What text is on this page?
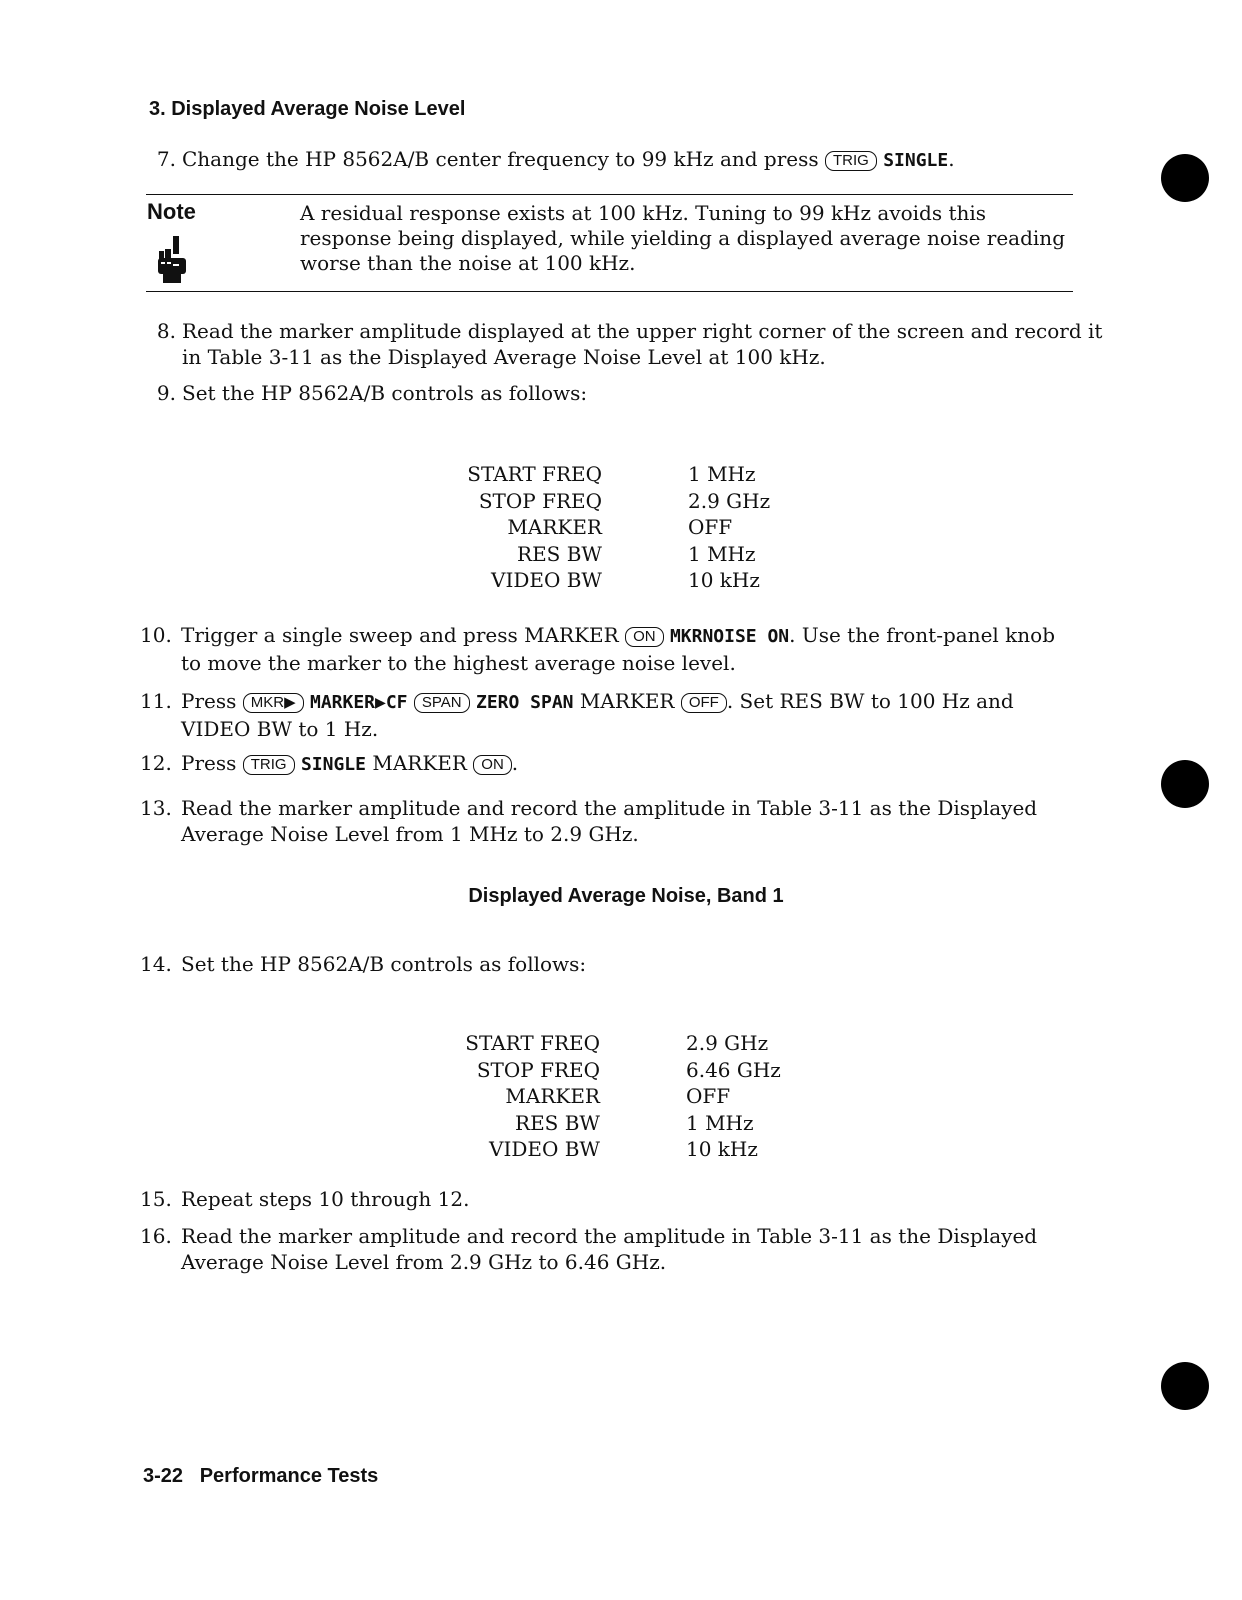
3. Displayed Average Noise Level
7. Change the HP 8562A/B center frequency to 99 kHz and press TRIG SINGLE.
Note	A residual response exists at 100 kHz. Tuning to 99 kHz avoids this response being displayed, while yielding a displayed average noise reading worse than the noise at 100 kHz.
8. Read the marker amplitude displayed at the upper right corner of the screen and record it
in Table 3-11 as the Displayed Average Noise Level at 100 kHz.
9. Set the HP 8562A/B controls as follows:
START FREQ	1 MHz
STOP FREQ	2.9 GHz
MARKER	OFF
RES BW	1 MHz
VIDEO BW	10 kHz
10. Trigger a single sweep and press MARKER ON MKRNOISE ON. Use the front-panel knob
to move the marker to the highest average noise level.
11. Press MKR▶ MARKER▶CF SPAN ZERO SPAN MARKER OFF . Set RES BW to 100 Hz and
VIDEO BW to 1 Hz.
12. Press TRIG SINGLE MARKER ON .
13. Read the marker amplitude and record the amplitude in Table 3-11 as the Displayed
Average Noise Level from 1 MHz to 2.9 GHz.
Displayed Average Noise, Band 1
14. Set the HP 8562A/B controls as follows:
START FREQ	2.9 GHz
STOP FREQ	6.46 GHz
MARKER	OFF
RES BW	1 MHz
VIDEO BW	10 kHz
15. Repeat steps 10 through 12.
16. Read the marker amplitude and record the amplitude in Table 3-11 as the Displayed
Average Noise Level from 2.9 GHz to 6.46 GHz.
3-22 Performance Tests
